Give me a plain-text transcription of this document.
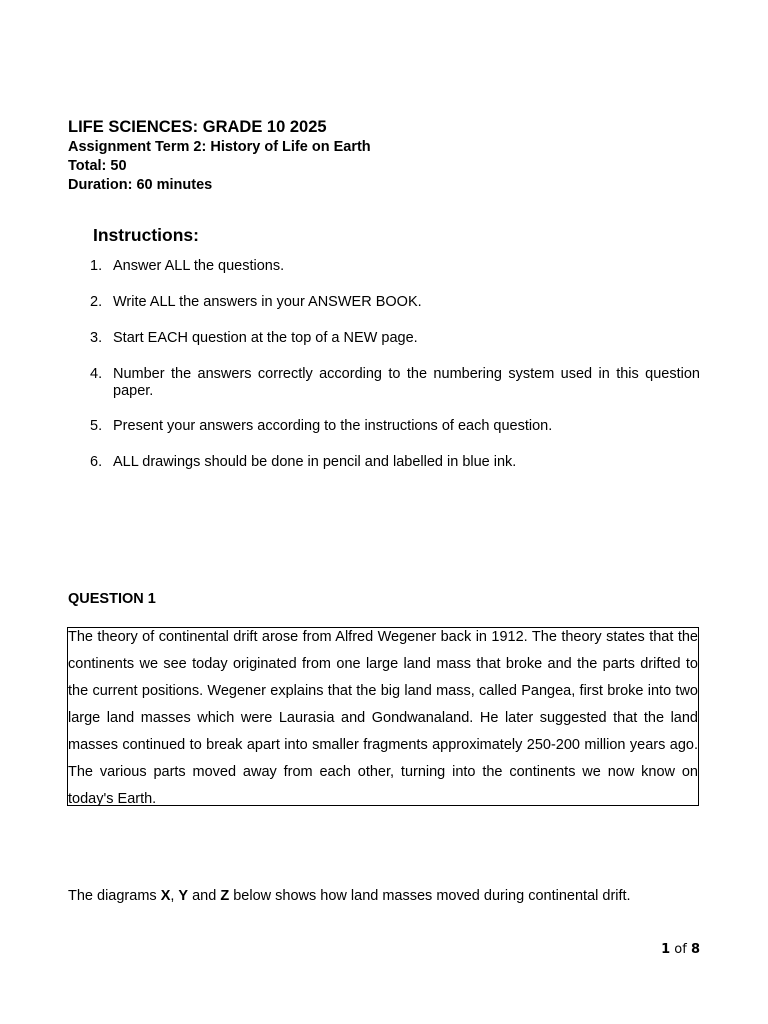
LIFE SCIENCES: GRADE 10 2025

Assignment Term 2: History of Life on Earth

Total: 50

Duration: 60 minutes

Instructions:

1. Answer ALL the questions.
2. Write ALL the answers in your ANSWER BOOK.
3. Start EACH question at the top of a NEW page.
4. Number the answers correctly according to the numbering system used in this question paper.
5. Present your answers according to the instructions of each question.
6. ALL drawings should be done in pencil and labelled in blue ink.

QUESTION 1

The theory of continental drift arose from Alfred Wegener back in 1912. The theory states that the continents we see today originated from one large land mass that broke and the parts drifted to the current positions. Wegener explains that the big land mass, called Pangea, first broke into two large land masses which were Laurasia and Gondwanaland. He later suggested that the land masses continued to break apart into smaller fragments approximately 250-200 million years ago. The various parts moved away from each other, turning into the continents we now know on today's Earth.

The diagrams X, Y and Z below shows how land masses moved during continental drift.

1 of 8
